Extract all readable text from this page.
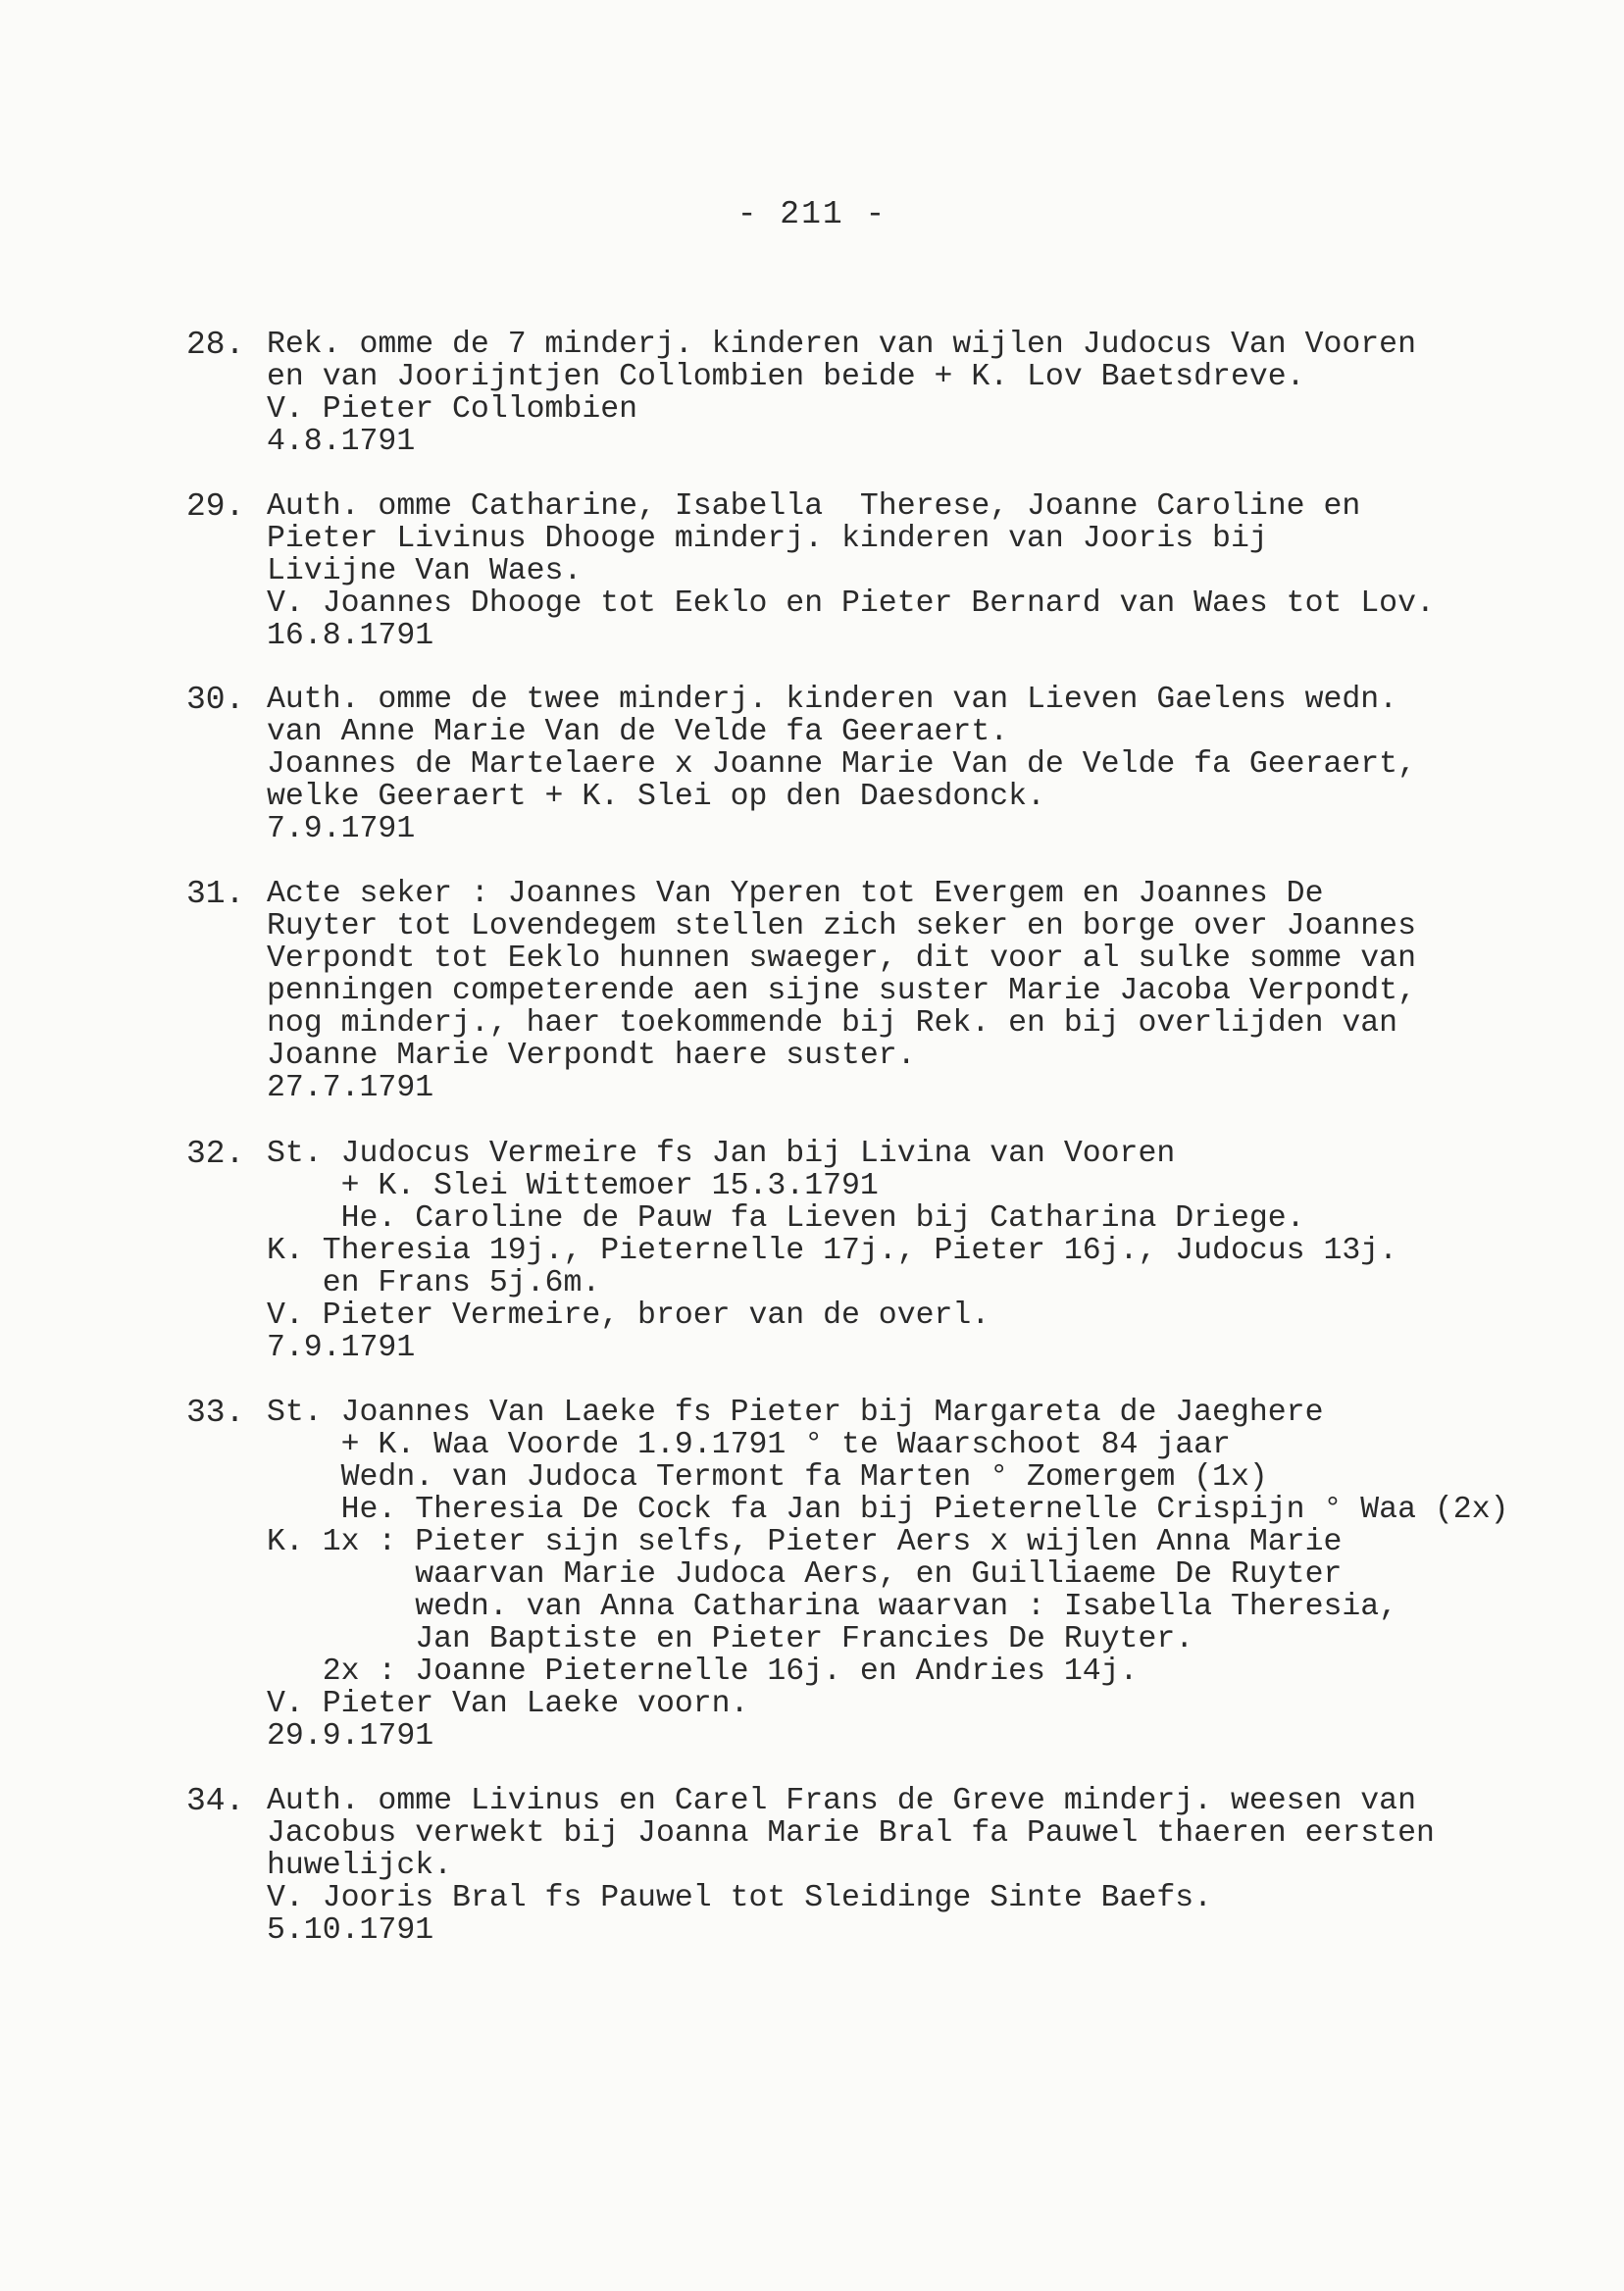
- 211 -
28. Rek. omme de 7 minderj. kinderen van wijlen Judocus Van Vooren
en van Joorijntjen Collombien beide + K. Lov Baetsdreve.
V. Pieter Collombien
4.8.1791
29. Auth. omme Catharine, Isabella  Therese, Joanne Caroline en
Pieter Livinus Dhooge minderj. kinderen van Jooris bij
Livijne Van Waes.
V. Joannes Dhooge tot Eeklo en Pieter Bernard van Waes tot Lov.
16.8.1791
30. Auth. omme de twee minderj. kinderen van Lieven Gaelens wedn.
van Anne Marie Van de Velde fa Geeraert.
Joannes de Martelaere x Joanne Marie Van de Velde fa Geeraert,
welke Geeraert + K. Slei op den Daesdonck.
7.9.1791
31. Acte seker : Joannes Van Yperen tot Evergem en Joannes De
Ruyter tot Lovendegem stellen zich seker en borge over Joannes
Verpondt tot Eeklo hunnen swaeger, dit voor al sulke somme van
penningen competerende aen sijne suster Marie Jacoba Verpondt,
nog minderj., haer toekommende bij Rek. en bij overlijden van
Joanne Marie Verpondt haere suster.
27.7.1791
32. St. Judocus Vermeire fs Jan bij Livina van Vooren
+ K. Slei Wittemoer 15.3.1791
He. Caroline de Pauw fa Lieven bij Catharina Driege.
K. Theresia 19j., Pieternelle 17j., Pieter 16j., Judocus 13j.
en Frans 5j.6m.
V. Pieter Vermeire, broer van de overl.
7.9.1791
33. St. Joannes Van Laeke fs Pieter bij Margareta de Jaeghere
+ K. Waa Voorde 1.9.1791 ° te Waarschoot 84 jaar
Wedn. van Judoca Termont fa Marten ° Zomergem (1x)
He. Theresia De Cock fa Jan bij Pieternelle Crispijn ° Waa (2x)
K. 1x : Pieter sijn selfs, Pieter Aers x wijlen Anna Marie
waarvan Marie Judoca Aers, en Guilliaeme De Ruyter
wedn. van Anna Catharina waarvan : Isabella Theresia,
Jan Baptiste en Pieter Francies De Ruyter.
2x : Joanne Pieternelle 16j. en Andries 14j.
V. Pieter Van Laeke voorn.
29.9.1791
34. Auth. omme Livinus en Carel Frans de Greve minderj. weesen van
Jacobus verwekt bij Joanna Marie Bral fa Pauwel thaeren eersten
huwelijck.
V. Jooris Bral fs Pauwel tot Sleidinge Sinte Baefs.
5.10.1791
